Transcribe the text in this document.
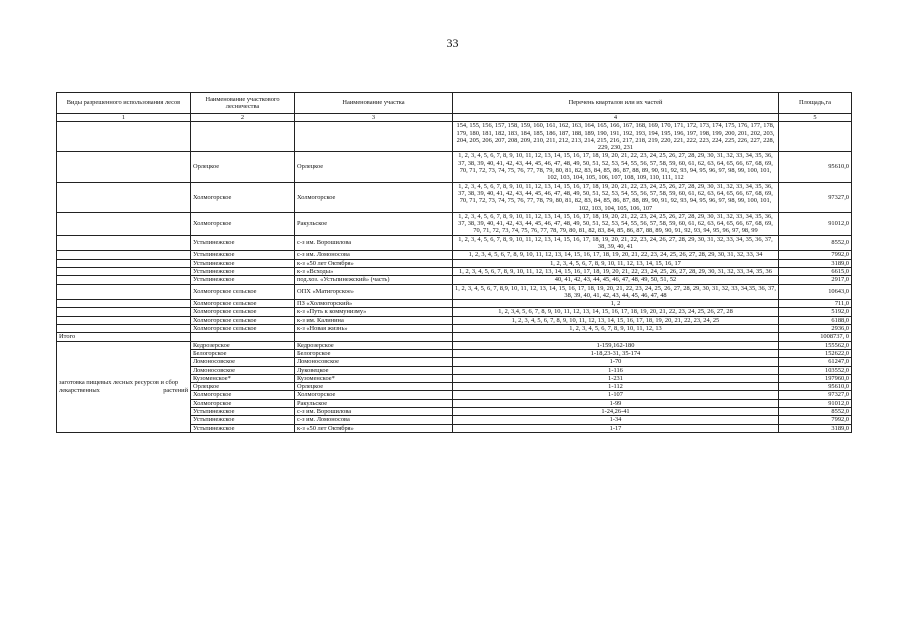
33
Виды разрешенного использования лесов	Наименование участкового лесничества	Наименование участка	Перечень кварталов или их частей	Площадь,га
1	2	3	4	5
			154, 155, 156, 157, 158, 159, 160, 161, 162, 163, 164, 165, 166, 167, 168, 169, 170, 171, 172, 173, 174, 175, 176, 177, 178, 179, 180, 181, 182, 183, 184, 185, 186, 187, 188, 189, 190, 191, 192, 193, 194, 195, 196, 197, 198, 199, 200, 201, 202, 203, 204, 205, 206, 207, 208, 209, 210, 211, 212, 213, 214, 215, 216, 217, 218, 219, 220, 221, 222, 223, 224, 225, 226, 227, 228, 229, 230, 231	
	Орлецкое	Орлецкое	1, 2, 3, 4, 5, 6, 7, 8, 9, 10, 11, 12, 13, 14, 15, 16, 17, 18, 19, 20, 21, 22, 23, 24, 25, 26, 27, 28, 29, 30, 31, 32, 33, 34, 35, 36, 37, 38, 39, 40, 41, 42, 43, 44, 45, 46, 47, 48, 49, 50, 51, 52, 53, 54, 55, 56, 57, 58, 59, 60, 61, 62, 63, 64, 65, 66, 67, 68, 69, 70, 71, 72, 73, 74, 75, 76, 77, 78, 79, 80, 81, 82, 83, 84, 85, 86, 87, 88, 89, 90, 91, 92, 93, 94, 95, 96, 97, 98, 99, 100, 101, 102, 103, 104, 105, 106, 107, 108, 109, 110, 111, 112	95610,0
	Холмогорское	Холмогорское	1, 2, 3, 4, 5, 6, 7, 8, 9, 10, 11, 12, 13, 14, 15, 16, 17, 18, 19, 20, 21, 22, 23, 24, 25, 26, 27, 28, 29, 30, 31, 32, 33, 34, 35, 36, 37, 38, 39, 40, 41, 42, 43, 44, 45, 46, 47, 48, 49, 50, 51, 52, 53, 54, 55, 56, 57, 58, 59, 60, 61, 62, 63, 64, 65, 66, 67, 68, 69, 70, 71, 72, 73, 74, 75, 76, 77, 78, 79, 80, 81, 82, 83, 84, 85, 86, 87, 88, 89, 90, 91, 92, 93, 94, 95, 96, 97, 98, 99, 100, 101, 102, 103, 104, 105, 106, 107	97327,0
	Холмогорское	Ракульское	1, 2, 3, 4, 5, 6, 7, 8, 9, 10, 11, 12, 13, 14, 15, 16, 17, 18, 19, 20, 21, 22, 23, 24, 25, 26, 27, 28, 29, 30, 31, 32, 33, 34, 35, 36, 37, 38, 39, 40, 41, 42, 43, 44, 45, 46, 47, 48, 49, 50, 51, 52, 53, 54, 55, 56, 57, 58, 59, 60, 61, 62, 63, 64, 65, 66, 67, 68, 69, 70, 71, 72, 73, 74, 75, 76, 77, 78, 79, 80, 81, 82, 83, 84, 85, 86, 87, 88, 89, 90, 91, 92, 93, 94, 95, 96, 97, 98, 99	91012,0
	Устьпинежское	с-з им. Ворошилова	1, 2, 3, 4, 5, 6, 7, 8, 9, 10, 11, 12, 13, 14, 15, 16, 17, 18, 19, 20, 21, 22, 23, 24, 26, 27, 28, 29, 30, 31, 32, 33, 34, 35, 36, 37, 38, 39, 40, 41	8552,0
	Устьпинежское	с-з им. Ломоносова	1, 2, 3, 4, 5, 6, 7, 8, 9, 10, 11, 12, 13, 14, 15, 16, 17, 18, 19, 20, 21, 22, 23, 24, 25, 26, 27, 28, 29, 30, 31, 32, 33, 34	7992,0
	Устьпинежское	к-з «50 лет Октября»	1, 2, 3, 4, 5, 6, 7, 8, 9, 10, 11, 12, 13, 14, 15, 16, 17	3189,0
	Устьпинежское	к-з «Всходы»	1, 2, 3, 4, 5, 6, 7, 8, 9, 10, 11, 12, 13, 14, 15, 16, 17, 18, 19, 20, 21, 22, 23, 24, 25, 26, 27, 28, 29, 30, 31, 32, 33, 34, 35, 36	6615,0
	Устьпинежское	под.хоз. «Устьпинежский» (часть)	40, 41, 42, 43, 44, 45, 46, 47, 48, 49, 50, 51, 52	2917,0
	Холмогорское сельское	ОПХ «Матигорское»	1, 2, 3, 4, 5, 6, 7, 8,9, 10, 11, 12, 13, 14, 15, 16, 17, 18, 19, 20, 21, 22, 23, 24, 25, 26, 27, 28, 29, 30, 31, 32, 33, 34,35, 36, 37, 38, 39, 40, 41, 42, 43, 44, 45, 46, 47, 48	10643,0
	Холмогорское сельское	ПЗ «Холмогорский»	1, 2	711,0
	Холмогорское сельское	к-з «Путь к коммунизму»	1, 2, 3,4, 5, 6, 7, 8, 9, 10, 11, 12, 13, 14, 15, 16, 17, 18, 19, 20, 21, 22, 23, 24, 25, 26, 27, 28	5192,0
	Холмогорское сельское	к-з им. Калинина	1, 2, 3, 4, 5, 6, 7, 8, 9, 10, 11, 12, 13, 14, 15, 16, 17, 18, 19, 20, 21, 22, 23, 24, 25	6188,0
	Холмогорское сельское	к-з «Новая жизнь»	1, 2, 3, 4, 5, 6, 7, 8, 9, 10, 11, 12, 13	2936,0
Итого				1008737, 0
заготовка пищевых лесных ресурсов и сбор лекарственных растений	Кедрозерское	Кедрозерское	1-159,162-180	155562,0
	Белогорское	Белогорское	1-18,23-31, 35-174	152622,0
	Ломоносовское	Ломоносовское	1-70	61247,0
	Ломоносовское	Луковецкое	1-116	103552,0
	Кузоменское*	Кузоменское*	1-231	197960,0
	Орлецкое	Орлецкое	1-112	95610,0
	Холмогорское	Холмогорское	1-107	97327,0
	Холмогорское	Ракульское	1-99	91012,0
	Устьпинежское	с-з им. Ворошилова	1-24,26-41	8552,0
	Устьпинежское	с-з им. Ломоносова	1-34	7992,0
	Устьпинежское	к-з «50 лет Октября»	1-17	3189,0
